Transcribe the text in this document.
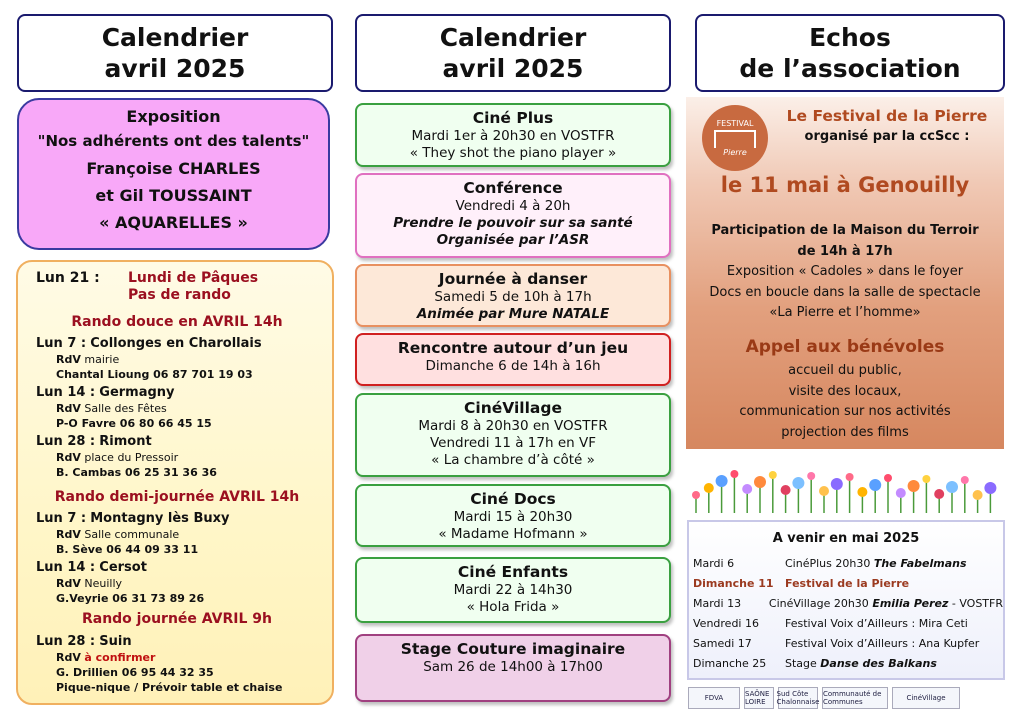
Calendrier
avril 2025
Calendrier
avril 2025
Echos
de l’association
Exposition
"Nos adhérents ont des talents"
Françoise CHARLES
et Gil TOUSSAINT
« AQUARELLES »
Lun 21 :	Lundi de Pâques
Pas de rando
Rando douce en AVRIL 14h
Lun 7 : Collonges en Charollais
RdV mairie
Chantal Lioung 06 87 701 19 03
Lun 14 : Germagny
RdV Salle des Fêtes
P-O Favre 06 80 66 45 15
Lun 28 : Rimont
RdV place du Pressoir
B. Cambas 06 25 31 36 36
Rando demi-journée AVRIL 14h
Lun 7 : Montagny lès Buxy
RdV Salle communale
B. Sève 06 44 09 33 11
Lun 14 : Cersot
RdV Neuilly
G.Veyrie 06 31 73 89 26
Rando journée AVRIL 9h
Lun 28 : Suin
RdV à confirmer
G. Drillien 06 95 44 32 35
Pique-nique / Prévoir table et chaise
Ciné Plus
Mardi 1er à 20h30 en VOSTFR
« They shot the piano player »
Conférence
Vendredi 4 à 20h
Prendre le pouvoir sur sa santé
Organisée par l’ASR
Journée à danser
Samedi 5 de 10h à 17h
Animée par Mure NATALE
Rencontre autour d’un jeu
Dimanche 6 de 14h à 16h
CinéVillage
Mardi 8 à 20h30 en VOSTFR
Vendredi 11 à 17h en VF
« La chambre d’à côté »
Ciné Docs
Mardi 15 à 20h30
« Madame Hofmann »
Ciné Enfants
Mardi 22 à 14h30
« Hola Frida »
Stage Couture imaginaire
Sam 26 de 14h00 à 17h00
FESTIVAL
Pierre
Le Festival de la Pierre
organisé par la ccScc :
le 11 mai à Genouilly
Participation de la Maison du Terroir
de 14h à 17h
Exposition « Cadoles » dans le foyer
Docs en boucle dans la salle de spectacle
«La Pierre et l’homme»
Appel aux bénévoles
accueil du public,
visite des locaux,
communication sur nos activités
projection des films
A venir en mai 2025
Mardi 6	CinéPlus 20h30 The Fabelmans
Dimanche 11	Festival de la Pierre
Mardi 13	CinéVillage 20h30 Emilia Perez - VOSTFR
Vendredi 16	Festival Voix d’Ailleurs : Mira Ceti
Samedi 17	Festival Voix d’Ailleurs : Ana Kupfer
Dimanche 25	Stage Danse des Balkans
FDVA	SAÔNE LOIRE
Sud Côte Chalonnaise
Communauté de Communes	CinéVillage
